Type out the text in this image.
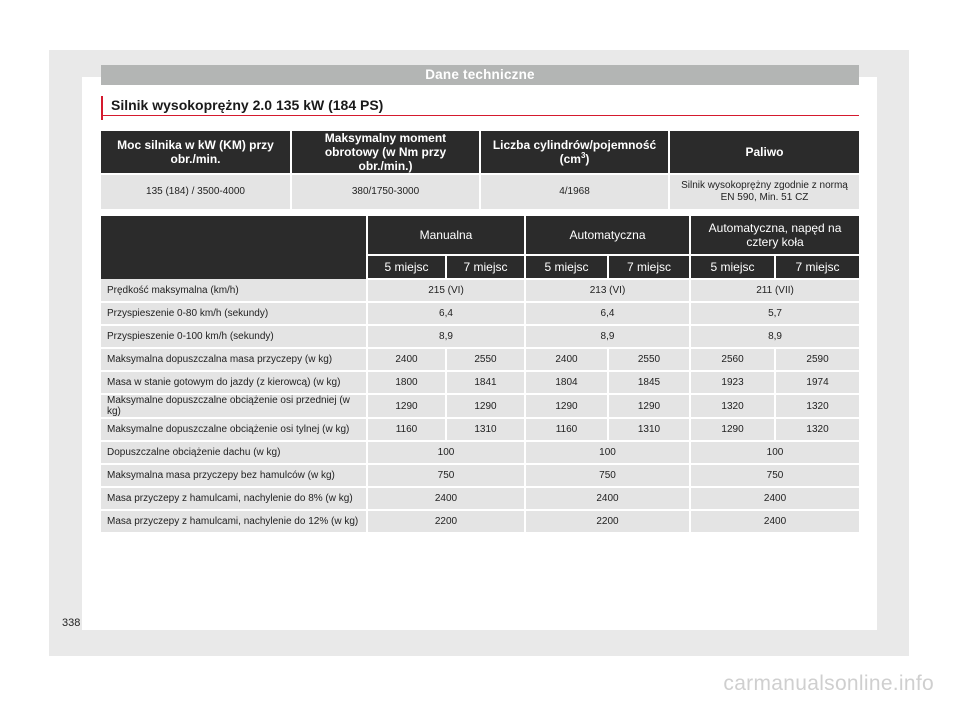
Dane techniczne
Silnik wysokoprężny 2.0 135 kW (184 PS)
Moc silnika w kW (KM) przy obr./min.	Maksymalny moment obrotowy (w Nm przy obr./min.)	Liczba cylindrów/pojemność $(cm^3)$	Paliwo
135 (184) / 3500-4000	380/1750-3000	4/1968	Silnik wysokoprężny zgodnie z normą EN 590, Min. 51 CZ
	Manualna		Automatyczna		Automatyczna, napęd na cztery koła	
	5 miejsc	7 miejsc	5 miejsc	7 miejsc	5 miejsc	7 miejsc
Prędkość maksymalna (km/h)	215 (VI)		213 (VI)		211 (VII)	
Przyspieszenie 0-80 km/h (sekundy)	6,4		6,4		5,7	
Przyspieszenie 0-100 km/h (sekundy)	8,9		8,9		8,9	
Maksymalna dopuszczalna masa przyczepy (w kg)	2400	2550	2400	2550	2560	2590
Masa w stanie gotowym do jazdy (z kierowcą) (w kg)	1800	1841	1804	1845	1923	1974
Maksymalne dopuszczalne obciążenie osi przedniej (w kg)	1290	1290	1290	1290	1320	1320
Maksymalne dopuszczalne obciążenie osi tylnej (w kg)	1160	1310	1160	1310	1290	1320
Dopuszczalne obciążenie dachu (w kg)	100		100		100	
Maksymalna masa przyczepy bez hamulców (w kg)	750		750		750	
Masa przyczepy z hamulcami, nachylenie do 8% (w kg)	2400		2400		2400	
Masa przyczepy z hamulcami, nachylenie do 12% (w kg)	2200		2200		2400	
338
carmanualsonline.info
